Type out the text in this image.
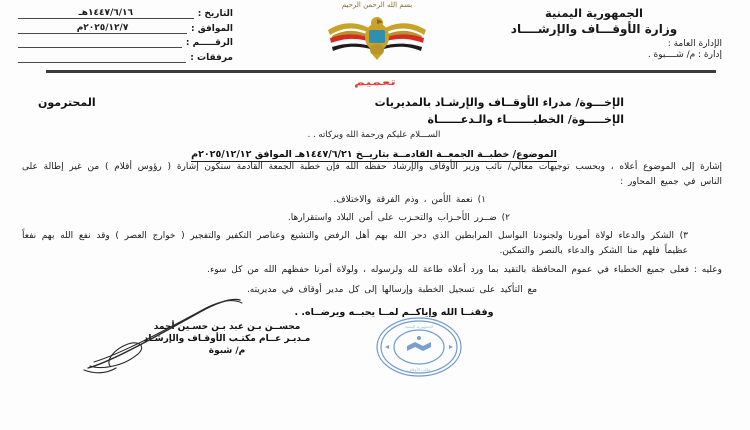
الجمهورية اليمنية
وزارة الأوقـــاف والإرشــــاد
الإدارة العامة :
إدارة : م/ شــــبوة .
بسم الله الرحمن الرحيم
التاريخ :
١٤٤٧/٦/١٦هـ
الموافق :
٢٠٢٥/١٢/٧م
الرقـــــم :
مرفقات :
تعميم
الإخـــوة/ مدراء الأوقــاف والإرشـاد بالمديريات
المحترمون
الإخـــــوة/ الخطبـــــــاء والـدعــــــاة
الســـلام عليكم ورحمة الله وبركاته . .
الموضوع/ خطبــة الجمعــة القادمــة بتاريــخ ١٤٤٧/٦/٢١هـ الموافق ٢٠٢٥/١٢/١٢م
إشارة إلى الموضوع أعلاه ، وبحسب توجيهات معالي/ نائب وزير الأوقاف والإرشاد حفظه الله فإن خطبة الجمعة القادمة ستكون إشارة ( رؤوس أقلام ) من غير إطالة على الناس في جميع المحاور :
١) نعمة الأمن ، وذم الفرقة والاختلاف.
٢) ضــرر الأحـزاب والتحـزب على أمن البلاد واستقرارها.
٣) الشكر والدعاء لولاة أمورنا ولجنودنا البواسل المرابطين الذي دحر الله بهم أهل الرفض والتشيع وعناصر التكفير والتفجير ( خوارج العصر ) وقد نفع الله بهم نفعاً عظيماً فلهم منا الشكر والدعاء بالنصر والتمكين.
وعليه : فعلى جميع الخطباء في عموم المحافظة بالتقيد بما ورد أعلاه طاعة لله ولرسوله ، ولولاة أمرنا حفظهم الله من كل سوء.
مع التأكيد على تسجيل الخطبة وإرسالها إلى كل مدير أوقاف في مديريته.
وفقنــا الله وإياكــم لمــا يحبــه ويرضــاه. .
محســن بـن عبد بـن حسـين أحمد
مـديـر عــام مكتـب الأوقـاف والإرشـاد
م/ شبوة
الجمهورية اليمنية
مكتب الأوقاف
